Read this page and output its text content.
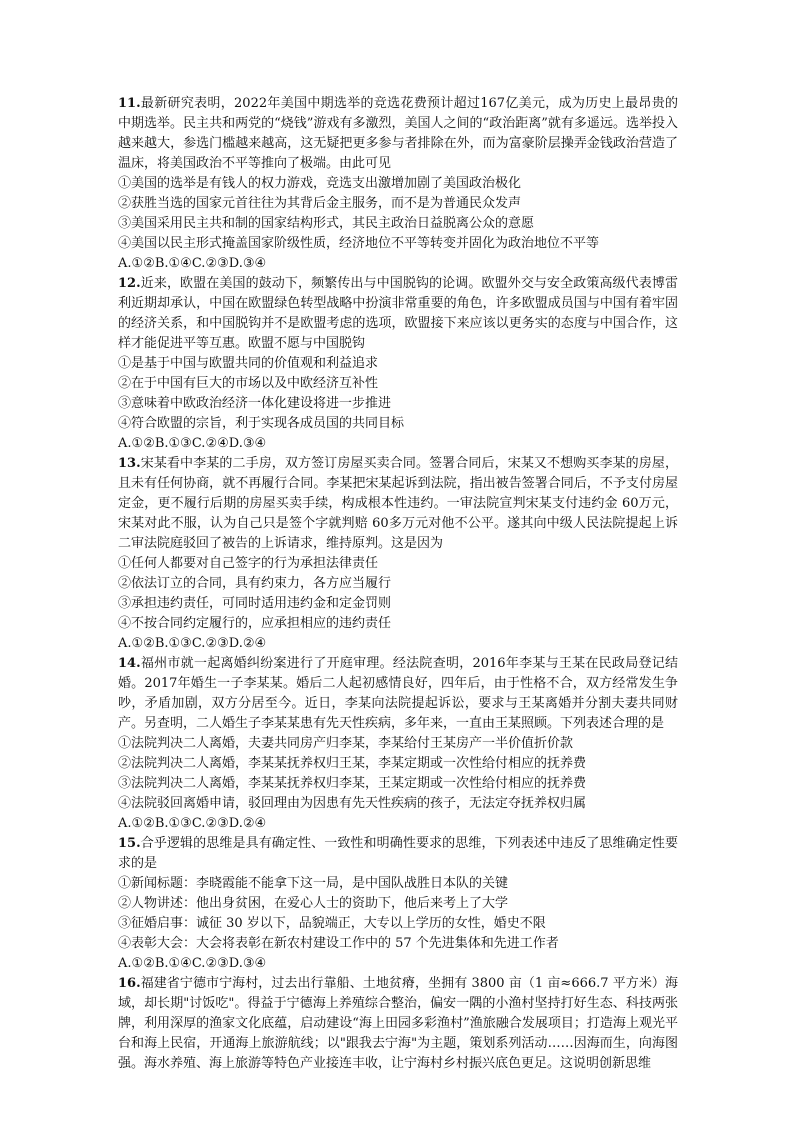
11.最新研究表明，2022年美国中期选举的竞选花费预计超过167亿美元，成为历史上最昂贵的中期选举。民主共和两党的“烧钱”游戏有多激烈，美国人之间的“政治距离”就有多遥远。选举投入越来越大，参选门槛越来越高，这无疑把更多参与者排除在外，而为富豪阶层操弄金钱政治营造了温床，将美国政治不平等推向了极端。由此可见

①美国的选举是有钱人的权力游戏，竞选支出激增加剧了美国政治极化

②获胜当选的国家元首往往为其背后金主服务，而不是为普通民众发声

③美国采用民主共和制的国家结构形式，其民主政治日益脱离公众的意愿

④美国以民主形式掩盖国家阶级性质，经济地位不平等转变并固化为政治地位不平等

A.①②B.①④C.②③D.③④

12.近来，欧盟在美国的鼓动下，频繁传出与中国脱钩的论调。欧盟外交与安全政策高级代表博雷利近期却承认，中国在欧盟绿色转型战略中扮演非常重要的角色，许多欧盟成员国与中国有着牢固的经济关系，和中国脱钩并不是欧盟考虑的选项，欧盟接下来应该以更务实的态度与中国合作，这样才能促进平等互惠。欧盟不愿与中国脱钩

①是基于中国与欧盟共同的价值观和利益追求

②在于中国有巨大的市场以及中欧经济互补性

③意味着中欧政治经济一体化建设将进一步推进

④符合欧盟的宗旨，利于实现各成员国的共同目标

A.①②B.①③C.②④D.③④

13.宋某看中李某的二手房，双方签订房屋买卖合同。签署合同后，宋某又不想购买李某的房屋，且未有任何协商，就不再履行合同。李某把宋某起诉到法院，指出被告签署合同后，不予支付房屋定金，更不履行后期的房屋买卖手续，构成根本性违约。一审法院宣判宋某支付违约金 60万元，宋某对此不服，认为自己只是签个字就判赔 60多万元对他不公平。遂其向中级人民法院提起上诉二审法院庭驳回了被告的上诉请求，维持原判。这是因为

①任何人都要对自己签字的行为承担法律责任

②依法订立的合同，具有约束力，各方应当履行

③承担违约责任，可同时适用违约金和定金罚则

④不按合同约定履行的，应承担相应的违约责任

A.①②B.①③C.②③D.②④

14.福州市就一起离婚纠纷案进行了开庭审理。经法院查明，2016年李某与王某在民政局登记结婚。2017年婚生一子李某某。婚后二人起初感情良好，四年后，由于性格不合，双方经常发生争吵，矛盾加剧，双方分居至今。近日，李某向法院提起诉讼，要求与王某离婚并分割夫妻共同财产。另查明，二人婚生子李某某患有先天性疾病，多年来，一直由王某照顾。下列表述合理的是

①法院判决二人离婚，夫妻共同房产归李某，李某给付王某房产一半价值折价款

②法院判决二人离婚，李某某抚养权归王某，李某定期或一次性给付相应的抚养费

③法院判决二人离婚，李某某抚养权归李某，王某定期或一次性给付相应的抚养费

④法院驳回离婚申请，驳回理由为因患有先天性疾病的孩子，无法定夺抚养权归属

A.①②B.①③C.②③D.②④

15.合乎逻辑的思维是具有确定性、一致性和明确性要求的思维，下列表述中违反了思维确定性要求的是

①新闻标题：李晓霞能不能拿下这一局，是中国队战胜日本队的关键

②人物讲述：他出身贫困，在爱心人士的资助下，他后来考上了大学

③征婚启事：诚征 30 岁以下，品貌端正，大专以上学历的女性，婚史不限

④表彰大会：大会将表彰在新农村建设工作中的 57 个先进集体和先进工作者

A.①②B.①④C.②③D.③④

16.福建省宁德市宁海村，过去出行靠船、土地贫瘠，坐拥有 3800 亩（1 亩≈666.7 平方米）海域，却长期"讨饭吃"。得益于宁德海上养殖综合整治，偏安一隅的小渔村坚持打好生态、科技两张牌，利用深厚的渔家文化底蕴，启动建设“海上田园多彩渔村”渔旅融合发展项目；打造海上观光平台和海上民宿，开通海上旅游航线；以"跟我去宁海"为主题，策划系列活动……因海而生，向海图强。海水养殖、海上旅游等特色产业接连丰收，让宁海村乡村振兴底色更足。这说明创新思维
